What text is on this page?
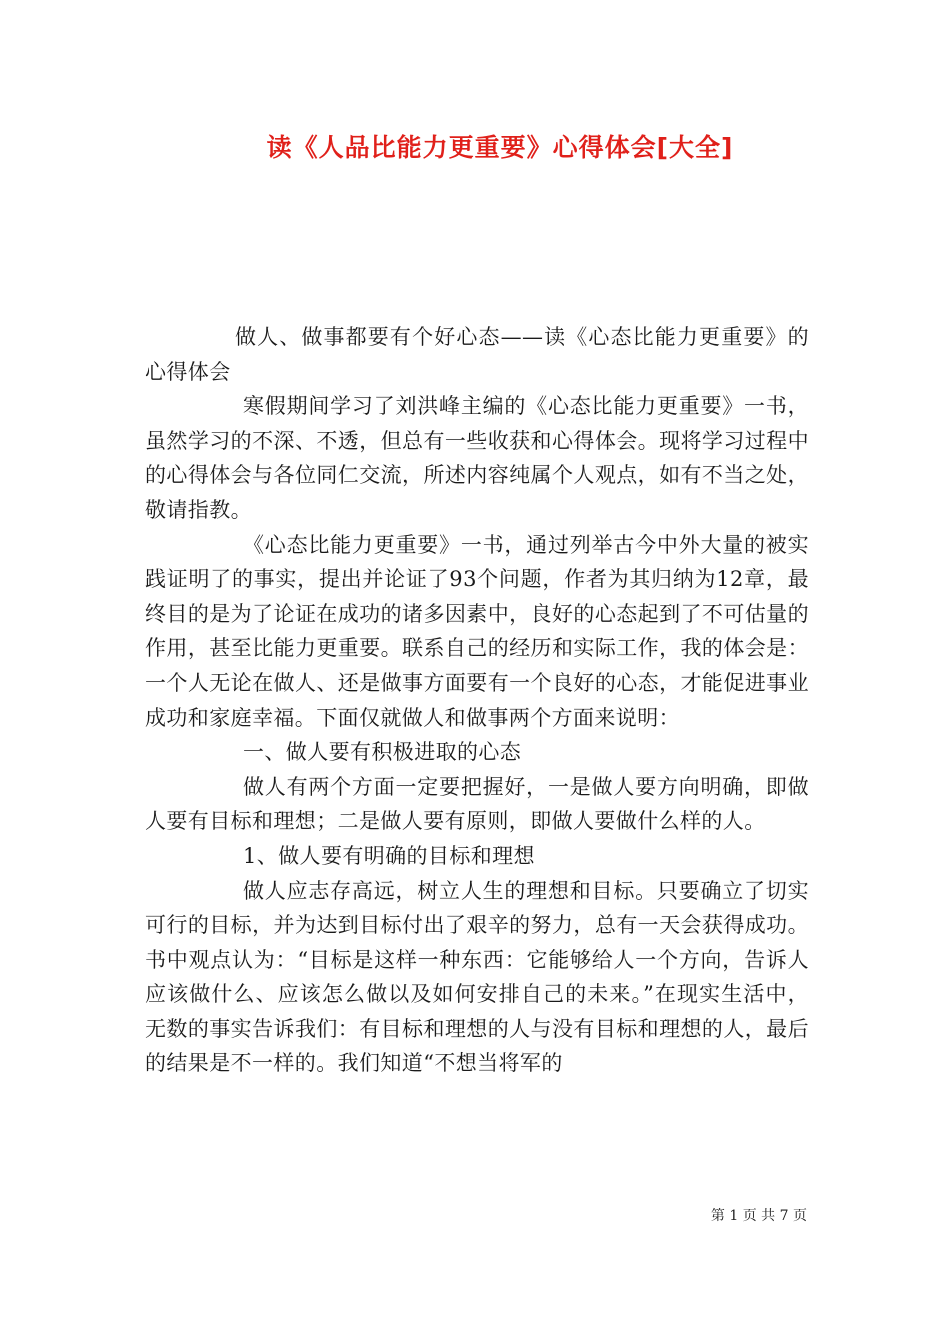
读《人品比能力更重要》心得体会[大全]

做人、做事都要有个好心态——读《心态比能力更重要》的心得体会

寒假期间学习了刘洪峰主编的《心态比能力更重要》一书，虽然学习的不深、不透，但总有一些收获和心得体会。现将学习过程中的心得体会与各位同仁交流，所述内容纯属个人观点，如有不当之处，敬请指教。

《心态比能力更重要》一书，通过列举古今中外大量的被实践证明了的事实，提出并论证了93个问题，作者为其归纳为12章，最终目的是为了论证在成功的诸多因素中，良好的心态起到了不可估量的作用，甚至比能力更重要。联系自己的经历和实际工作，我的体会是：一个人无论在做人、还是做事方面要有一个良好的心态，才能促进事业成功和家庭幸福。下面仅就做人和做事两个方面来说明：

一、做人要有积极进取的心态

做人有两个方面一定要把握好，一是做人要方向明确，即做人要有目标和理想；二是做人要有原则，即做人要做什么样的人。

1、做人要有明确的目标和理想

做人应志存高远，树立人生的理想和目标。只要确立了切实可行的目标，并为达到目标付出了艰辛的努力，总有一天会获得成功。书中观点认为：“目标是这样一种东西：它能够给人一个方向，告诉人应该做什么、应该怎么做以及如何安排自己的未来。”在现实生活中，无数的事实告诉我们：有目标和理想的人与没有目标和理想的人，最后的结果是不一样的。我们知道“不想当将军的

第 1 页 共 7 页
